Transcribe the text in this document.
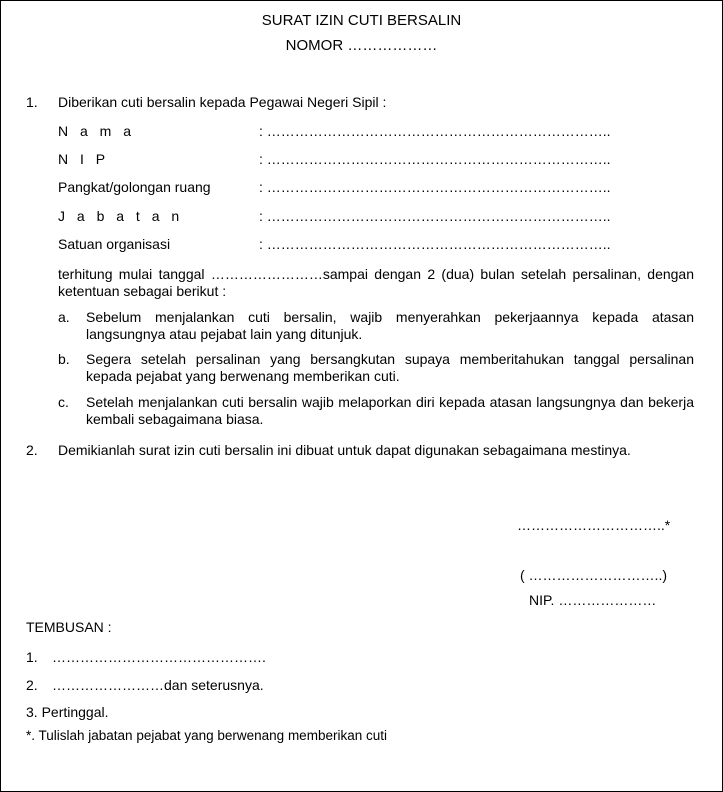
SURAT IZIN CUTI BERSALIN
NOMOR ………………
1. Diberikan cuti bersalin kepada Pegawai Negeri Sipil :
N a m a	: ………………………………………………………………..
N I P	: ………………………………………………………………..
Pangkat/golongan ruang	: ………………………………………………………………..
J a b a t a n	: ………………………………………………………………..
Satuan organisasi	: ………………………………………………………………..
terhitung mulai tanggal ……………………sampai dengan 2 (dua) bulan setelah persalinan, dengan ketentuan sebagai berikut :
a. Sebelum menjalankan cuti bersalin, wajib menyerahkan pekerjaannya kepada atasan langsungnya atau pejabat lain yang ditunjuk.
b. Segera setelah persalinan yang bersangkutan supaya memberitahukan tanggal persalinan kepada pejabat yang berwenang memberikan cuti.
c. Setelah menjalankan cuti bersalin wajib melaporkan diri kepada atasan langsungnya dan bekerja kembali sebagaimana biasa.
2. Demikianlah surat izin cuti bersalin ini dibuat untuk dapat digunakan sebagaimana mestinya.
…………………………..*
( ………………………..)
NIP. …………………
TEMBUSAN :
1. ……………………………………….
2. ……………………dan seterusnya.
3. Pertinggal.
*. Tulislah jabatan pejabat yang berwenang memberikan cuti
